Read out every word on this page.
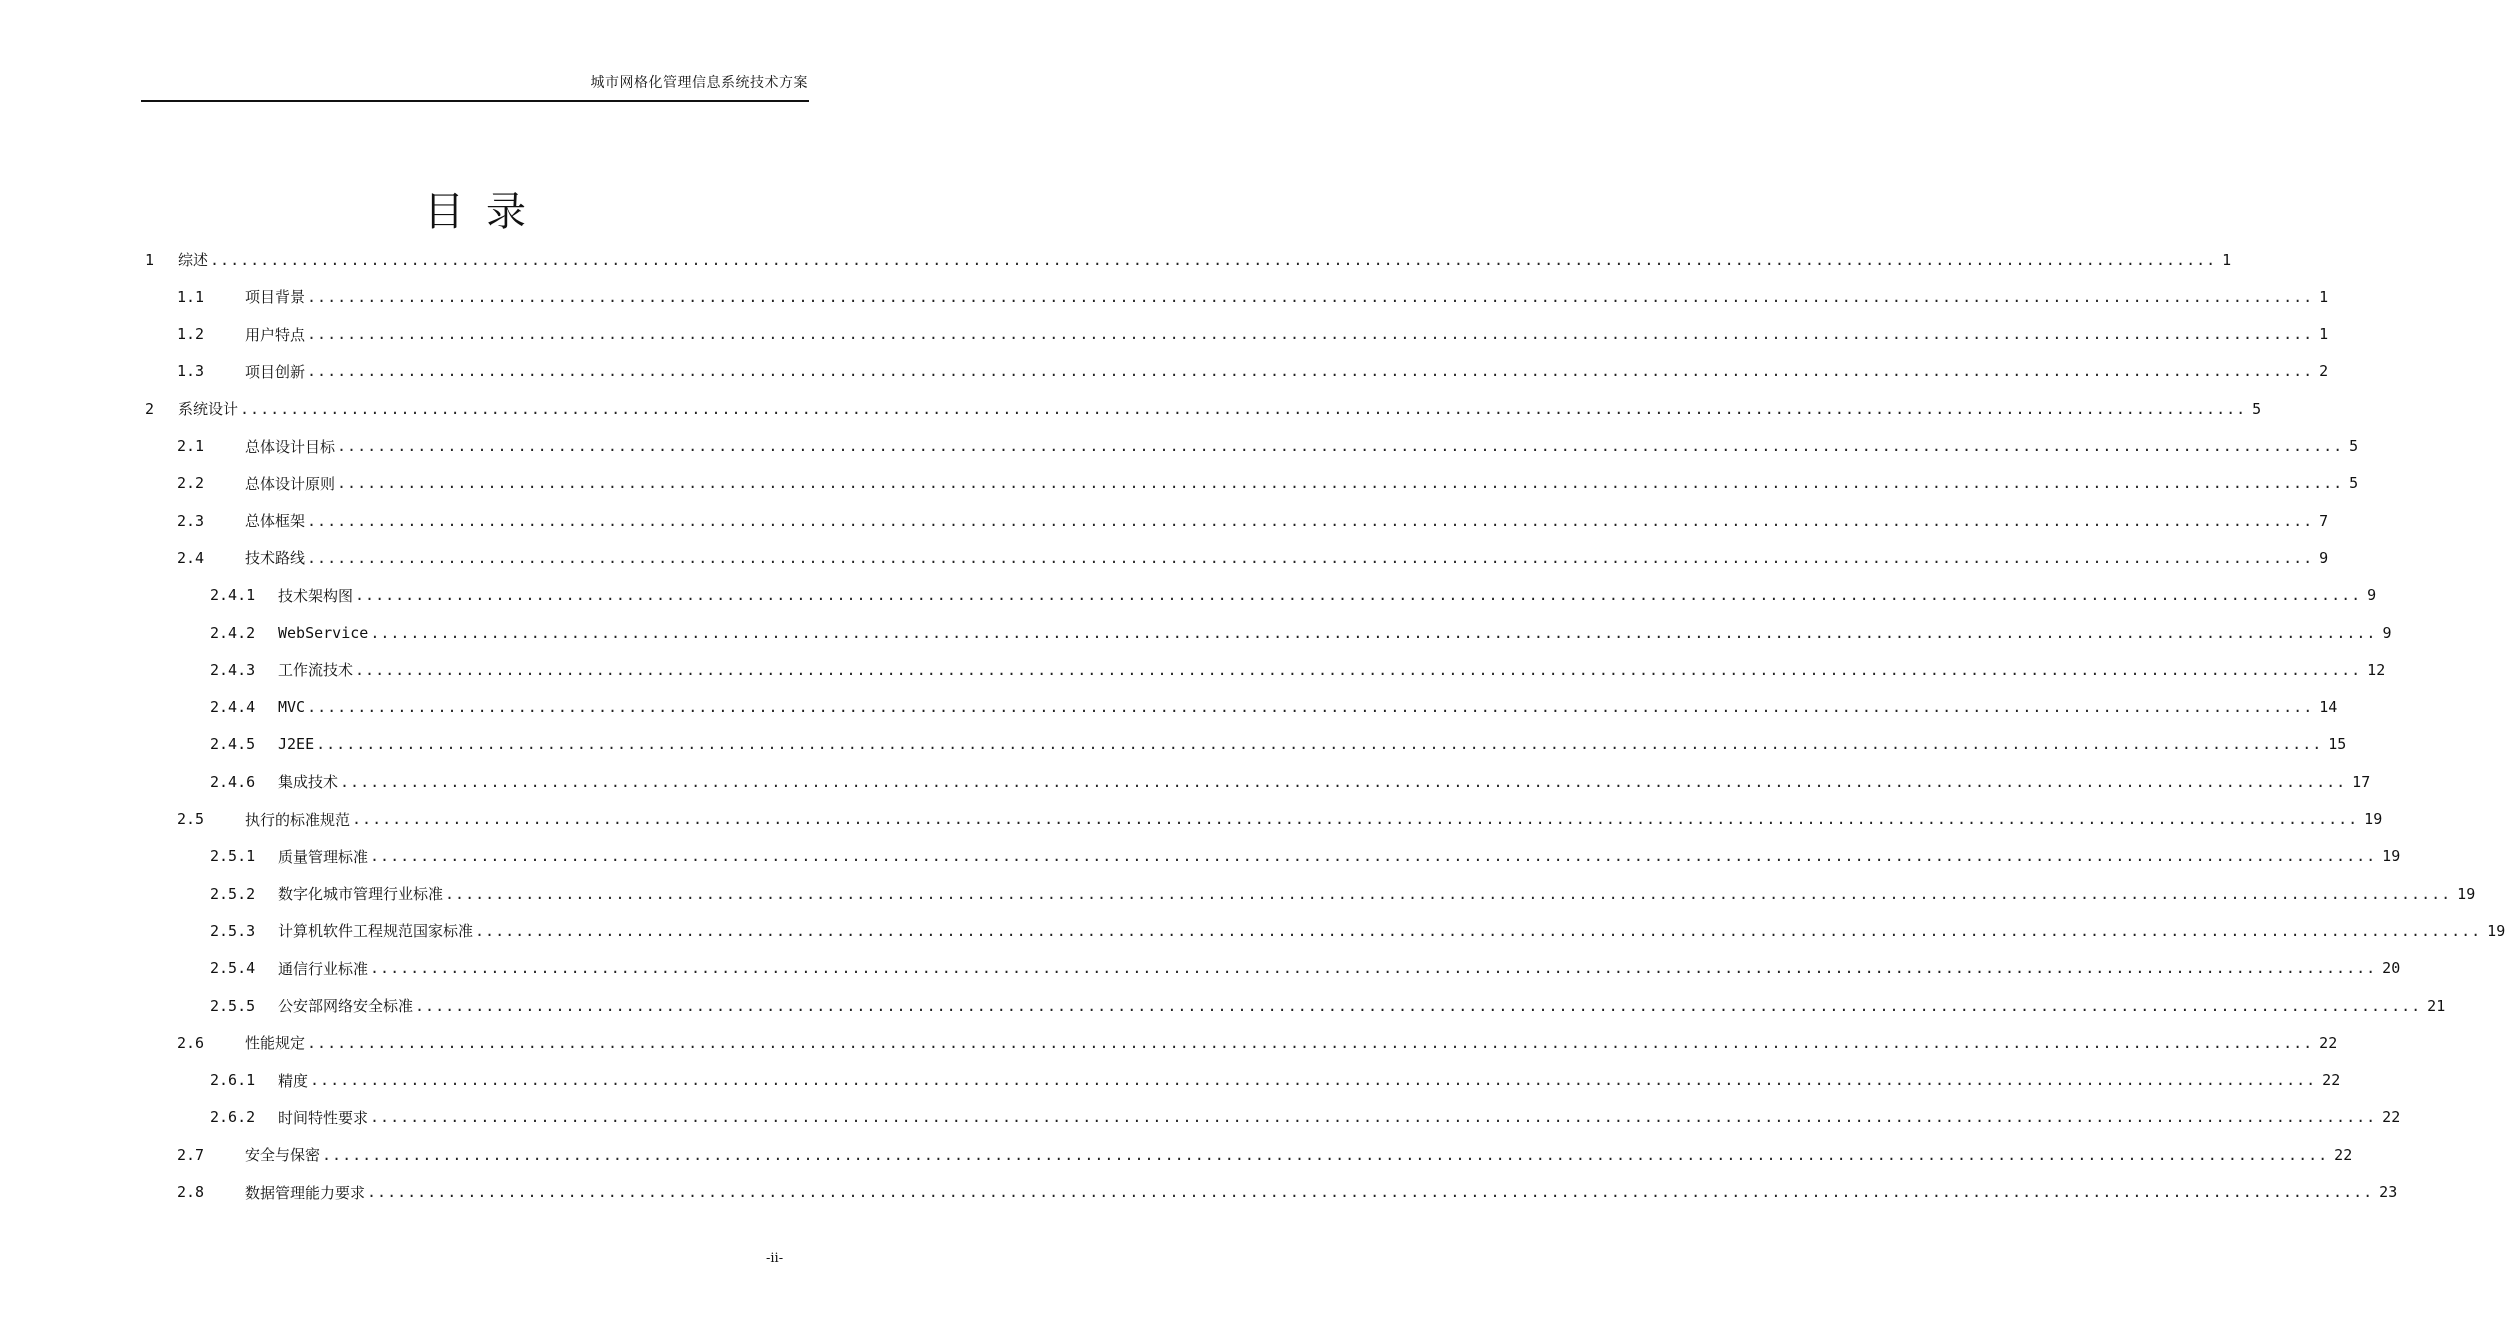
城市网格化管理信息系统技术方案
目录
1	综述 ........................................................................................................................................................................................................ 1
1.1	项目背景 ........................................................................................................................................................................................................ 1
1.2	用户特点 ........................................................................................................................................................................................................ 1
1.3	项目创新 ........................................................................................................................................................................................................ 2
2	系统设计 ........................................................................................................................................................................................................ 5
2.1	总体设计目标 ........................................................................................................................................................................................................ 5
2.2	总体设计原则 ........................................................................................................................................................................................................ 5
2.3	总体框架 ........................................................................................................................................................................................................ 7
2.4	技术路线 ........................................................................................................................................................................................................ 9
2.4.1	技术架构图 ........................................................................................................................................................................................................ 9
2.4.2	WebService ........................................................................................................................................................................................................ 9
2.4.3	工作流技术 ........................................................................................................................................................................................................ 12
2.4.4	MVC ........................................................................................................................................................................................................ 14
2.4.5	J2EE ........................................................................................................................................................................................................ 15
2.4.6	集成技术 ........................................................................................................................................................................................................ 17
2.5	执行的标准规范 ........................................................................................................................................................................................................ 19
2.5.1	质量管理标准 ........................................................................................................................................................................................................ 19
2.5.2	数字化城市管理行业标准 ........................................................................................................................................................................................................ 19
2.5.3	计算机软件工程规范国家标准 ........................................................................................................................................................................................................ 19
2.5.4	通信行业标准 ........................................................................................................................................................................................................ 20
2.5.5	公安部网络安全标准 ........................................................................................................................................................................................................ 21
2.6	性能规定 ........................................................................................................................................................................................................ 22
2.6.1	精度 ........................................................................................................................................................................................................ 22
2.6.2	时间特性要求 ........................................................................................................................................................................................................ 22
2.7	安全与保密 ........................................................................................................................................................................................................ 22
2.8	数据管理能力要求 ........................................................................................................................................................................................................ 23
-ii-
